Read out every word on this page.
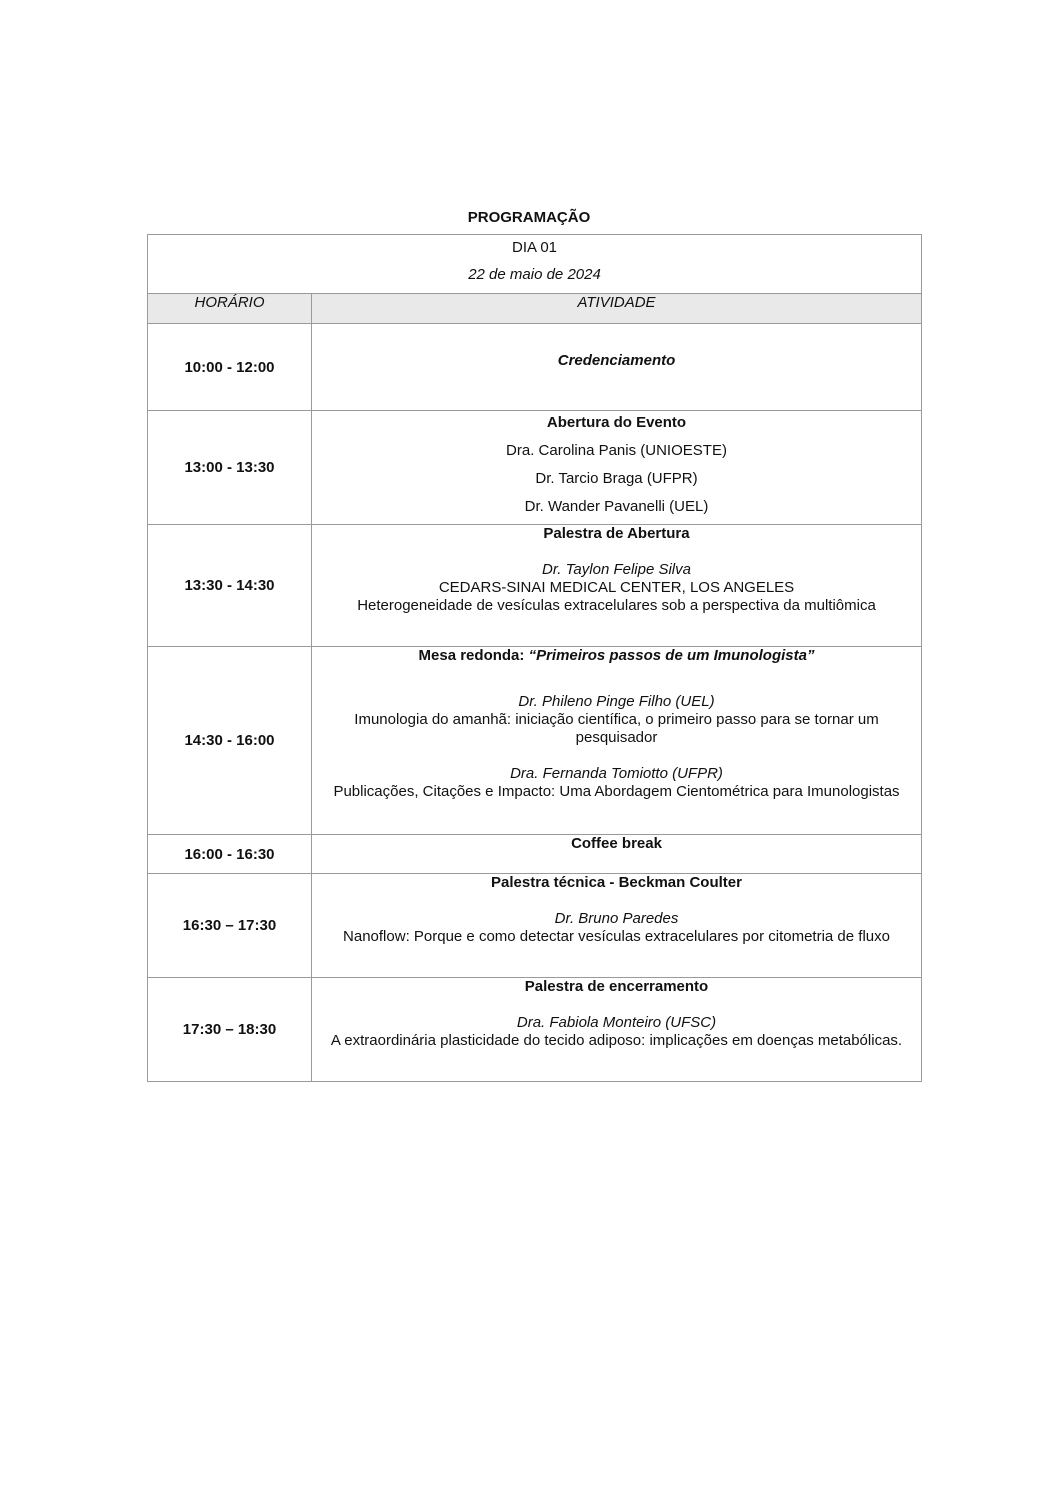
PROGRAMAÇÃO
DIA 01
22 de maio de 2024	

HORÁRIO	ATIVIDADE
10:00 - 12:00	Credenciamento

13:00 - 13:30	Abertura do Evento
Dra. Carolina Panis (UNIOESTE)
Dr. Tarcio Braga (UFPR)
Dr. Wander Pavanelli (UEL)

13:30 - 14:30	Palestra de Abertura
Dr. Taylon Felipe Silva
CEDARS-SINAI MEDICAL CENTER, LOS ANGELES
Heterogeneidade de vesículas extracelulares sob a perspectiva da multiômica

14:30 - 16:00	Mesa redonda: “Primeiros passos de um Imunologista”
Dr. Phileno Pinge Filho (UEL)
Imunologia do amanhã: iniciação científica, o primeiro passo para se tornar um pesquisador
Dra. Fernanda Tomiotto (UFPR)
Publicações, Citações e Impacto: Uma Abordagem Cientométrica para Imunologistas

16:00 - 16:30	Coffee break

16:30 – 17:30	Palestra técnica - Beckman Coulter
Dr. Bruno Paredes
Nanoflow: Porque e como detectar vesículas extracelulares por citometria de fluxo

17:30 – 18:30	Palestra de encerramento
Dra. Fabiola Monteiro (UFSC)
A extraordinária plasticidade do tecido adiposo: implicações em doenças metabólicas.
